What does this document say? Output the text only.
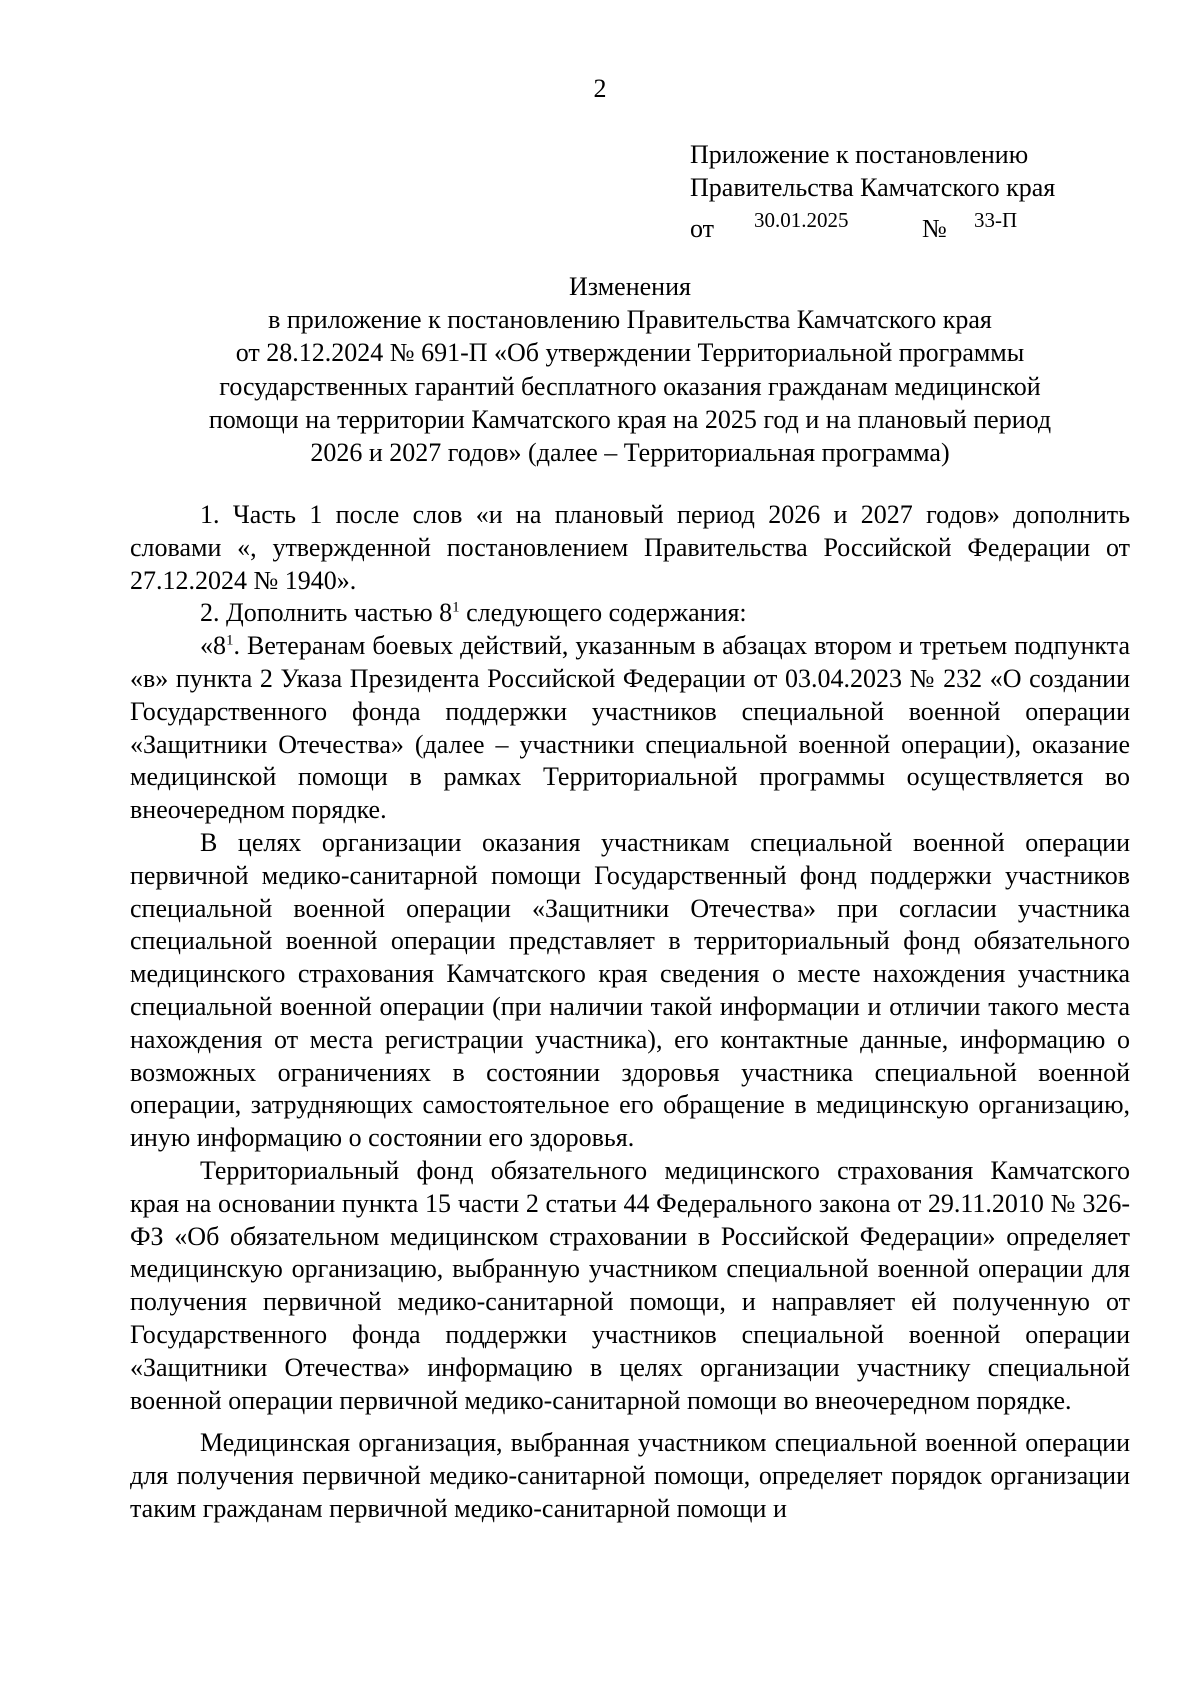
2
Приложение к постановлению
Правительства Камчатского края
от 30.01.2025	№ 33-П
Изменения
в приложение к постановлению Правительства Камчатского края
от 28.12.2024 № 691-П «Об утверждении Территориальной программы
государственных гарантий бесплатного оказания гражданам медицинской
помощи на территории Камчатского края на 2025 год и на плановый период
2026 и 2027 годов» (далее – Территориальная программа)

1. Часть 1 после слов «и на плановый период 2026 и 2027 годов» дополнить словами «, утвержденной постановлением Правительства Российской Федерации от 27.12.2024 № 1940».

2. Дополнить частью $8^1$ следующего содержания:

«$8^1$. Ветеранам боевых действий, указанным в абзацах втором и третьем подпункта «в» пункта 2 Указа Президента Российской Федерации от 03.04.2023 № 232 «О создании Государственного фонда поддержки участников специальной военной операции «Защитники Отечества» (далее – участники специальной военной операции), оказание медицинской помощи в рамках Территориальной программы осуществляется во внеочередном порядке.

В целях организации оказания участникам специальной военной операции первичной медико-санитарной помощи Государственный фонд поддержки участников специальной военной операции «Защитники Отечества» при согласии участника специальной военной операции представляет в территориальный фонд обязательного медицинского страхования Камчатского края сведения о месте нахождения участника специальной военной операции (при наличии такой информации и отличии такого места нахождения от места регистрации участника), его контактные данные, информацию о возможных ограничениях в состоянии здоровья участника специальной военной операции, затрудняющих самостоятельное его обращение в медицинскую организацию, иную информацию о состоянии его здоровья.

Территориальный фонд обязательного медицинского страхования Камчатского края на основании пункта 15 части 2 статьи 44 Федерального закона от 29.11.2010 № 326-ФЗ «Об обязательном медицинском страховании в Российской Федерации» определяет медицинскую организацию, выбранную участником специальной военной операции для получения первичной медико-санитарной помощи, и направляет ей полученную от Государственного фонда поддержки участников специальной военной операции «Защитники Отечества» информацию в целях организации участнику специальной военной операции первичной медико-санитарной помощи во внеочередном порядке.

Медицинская организация, выбранная участником специальной военной операции для получения первичной медико-санитарной помощи, определяет порядок организации таким гражданам первичной медико-санитарной помощи и
